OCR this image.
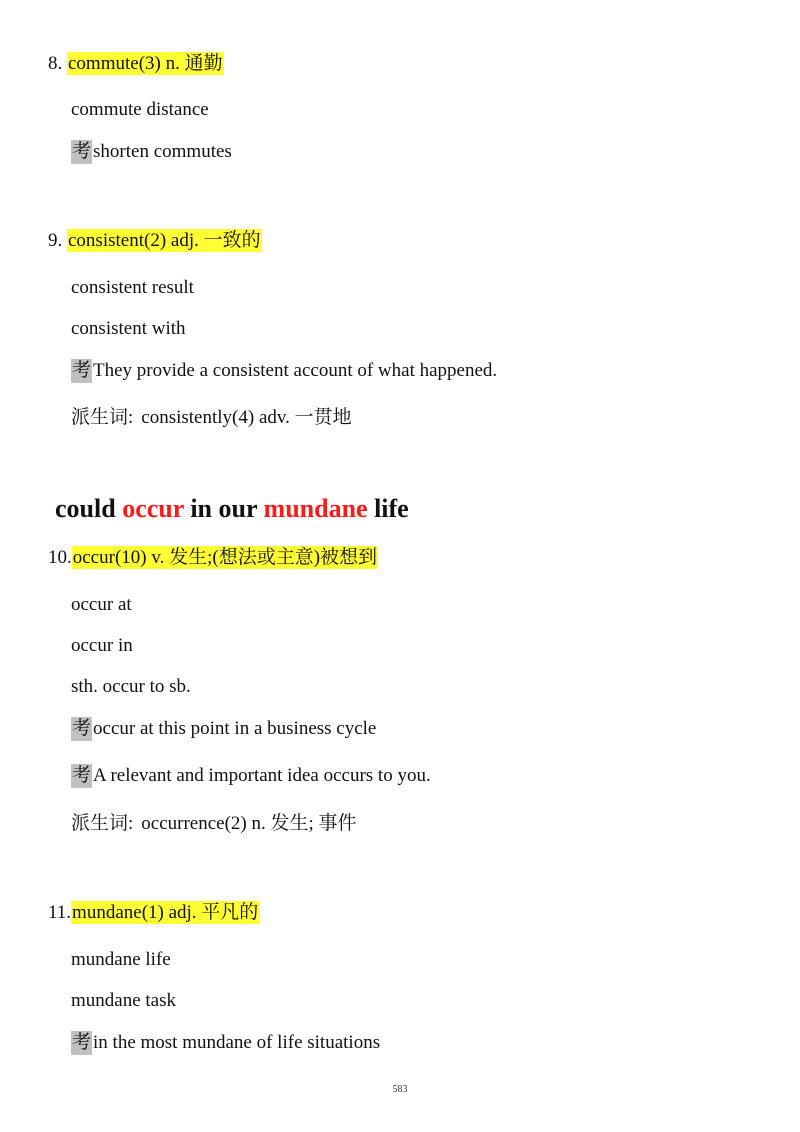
8. commute(3) n. 通勤
commute distance
考 shorten commutes
9. consistent(2) adj. 一致的
consistent result
consistent with
考 They provide a consistent account of what happened.
派生词: consistently(4) adv. 一贯地
could occur in our mundane life
10.occur(10) v. 发生;(想法或主意)被想到
occur at
occur in
sth. occur to sb.
考 occur at this point in a business cycle
考 A relevant and important idea occurs to you.
派生词: occurrence(2) n. 发生; 事件
11.mundane(1) adj. 平凡的
mundane life
mundane task
考 in the most mundane of life situations
583
